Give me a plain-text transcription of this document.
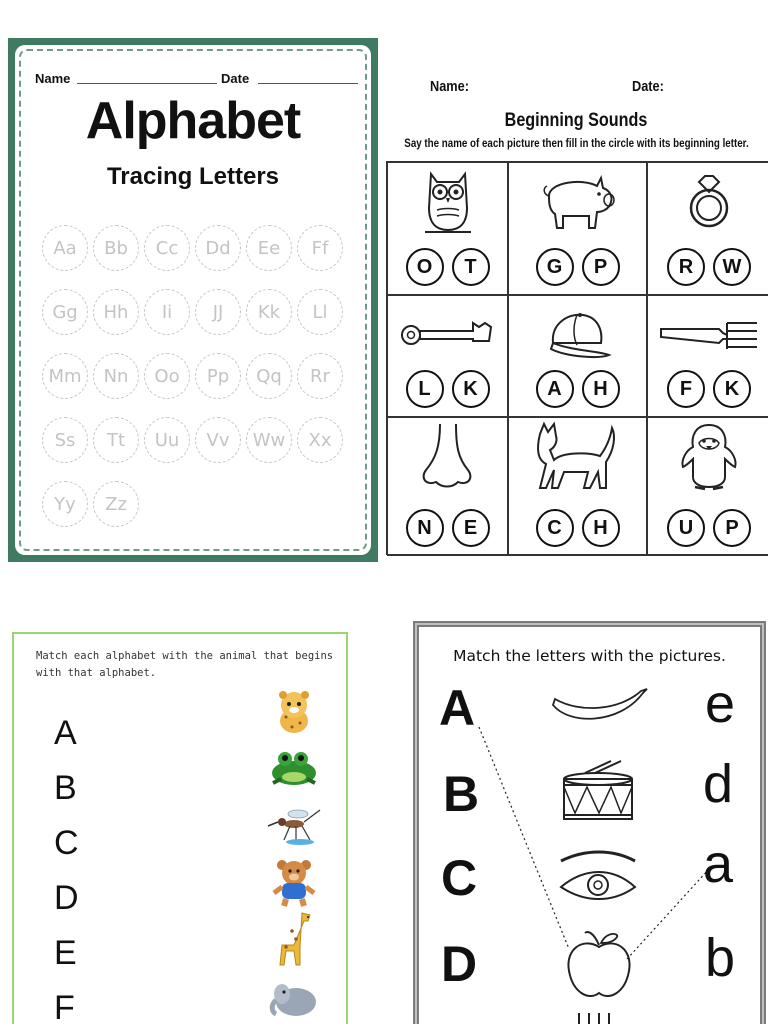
Name	Date
Alphabet
Tracing Letters
Aa	Bb	Cc	Dd	Ee	Ff
Gg	Hh	Ii	JJ	Kk	Ll
Mm	Nn	Oo	Pp	Qq	Rr
Ss	Tt	Uu	Vv	Ww	Xx
Yy	Zz
Name:	Date:
Beginning Sounds
Say the name of each picture then fill in the circle with its beginning letter.
O	T	G	P	R	W
L	K	A	H	F	K
N	E	C	H	U	P
Match each alphabet with the animal that begins with that alphabet.
A
B
C
D
E
F
Match the letters with the pictures.
A
B
C
D
e
d
a
b
